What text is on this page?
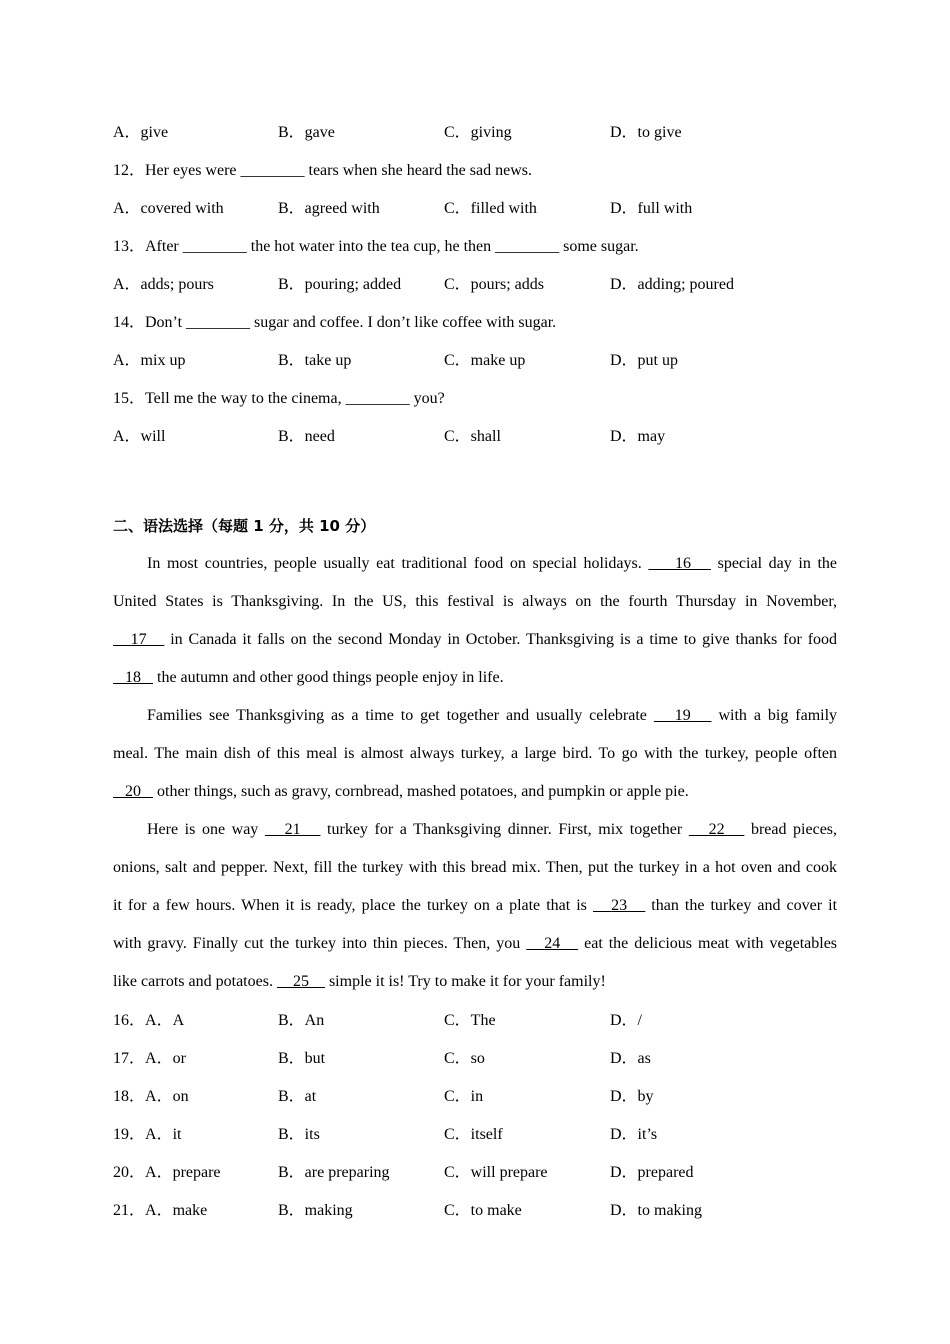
A．give	B．gave	C．giving	D．to give
12．Her eyes were ________ tears when she heard the sad news.
A．covered with	B．agreed with	C．filled with	D．full with
13．After ________ the hot water into the tea cup, he then ________ some sugar.
A．adds; pours	B．pouring; added	C．pours; adds	D．adding; poured
14．Don’t ________ sugar and coffee. I don’t like coffee with sugar.
A．mix up	B．take up	C．make up	D．put up
15．Tell me the way to the cinema, ________ you?
A．will	B．need	C．shall	D．may
二、语法选择（每题 1 分，共 10 分）
In most countries, people usually eat traditional food on special holidays. 16 special day in the
United States is Thanksgiving. In the US, this festival is always on the fourth Thursday in November,
17 in Canada it falls on the second Monday in October. Thanksgiving is a time to give thanks for food
18 the autumn and other good things people enjoy in life.
Families see Thanksgiving as a time to get together and usually celebrate 19 with a big family
meal. The main dish of this meal is almost always turkey, a large bird. To go with the turkey, people often
20 other things, such as gravy, cornbread, mashed potatoes, and pumpkin or apple pie.
Here is one way 21 turkey for a Thanksgiving dinner. First, mix together 22 bread pieces,
onions, salt and pepper. Next, fill the turkey with this bread mix. Then, put the turkey in a hot oven and cook
it for a few hours. When it is ready, place the turkey on a plate that is 23 than the turkey and cover it
with gravy. Finally cut the turkey into thin pieces. Then, you 24 eat the delicious meat with vegetables
like carrots and potatoes. 25 simple it is! Try to make it for your family!
16．A．A	B．An	C．The	D．/
17．A．or	B．but	C．so	D．as
18．A．on	B．at	C．in	D．by
19．A．it	B．its	C．itself	D．it’s
20．A．prepare	B．are preparing	C．will prepare	D．prepared
21．A．make	B．making	C．to make	D．to making
